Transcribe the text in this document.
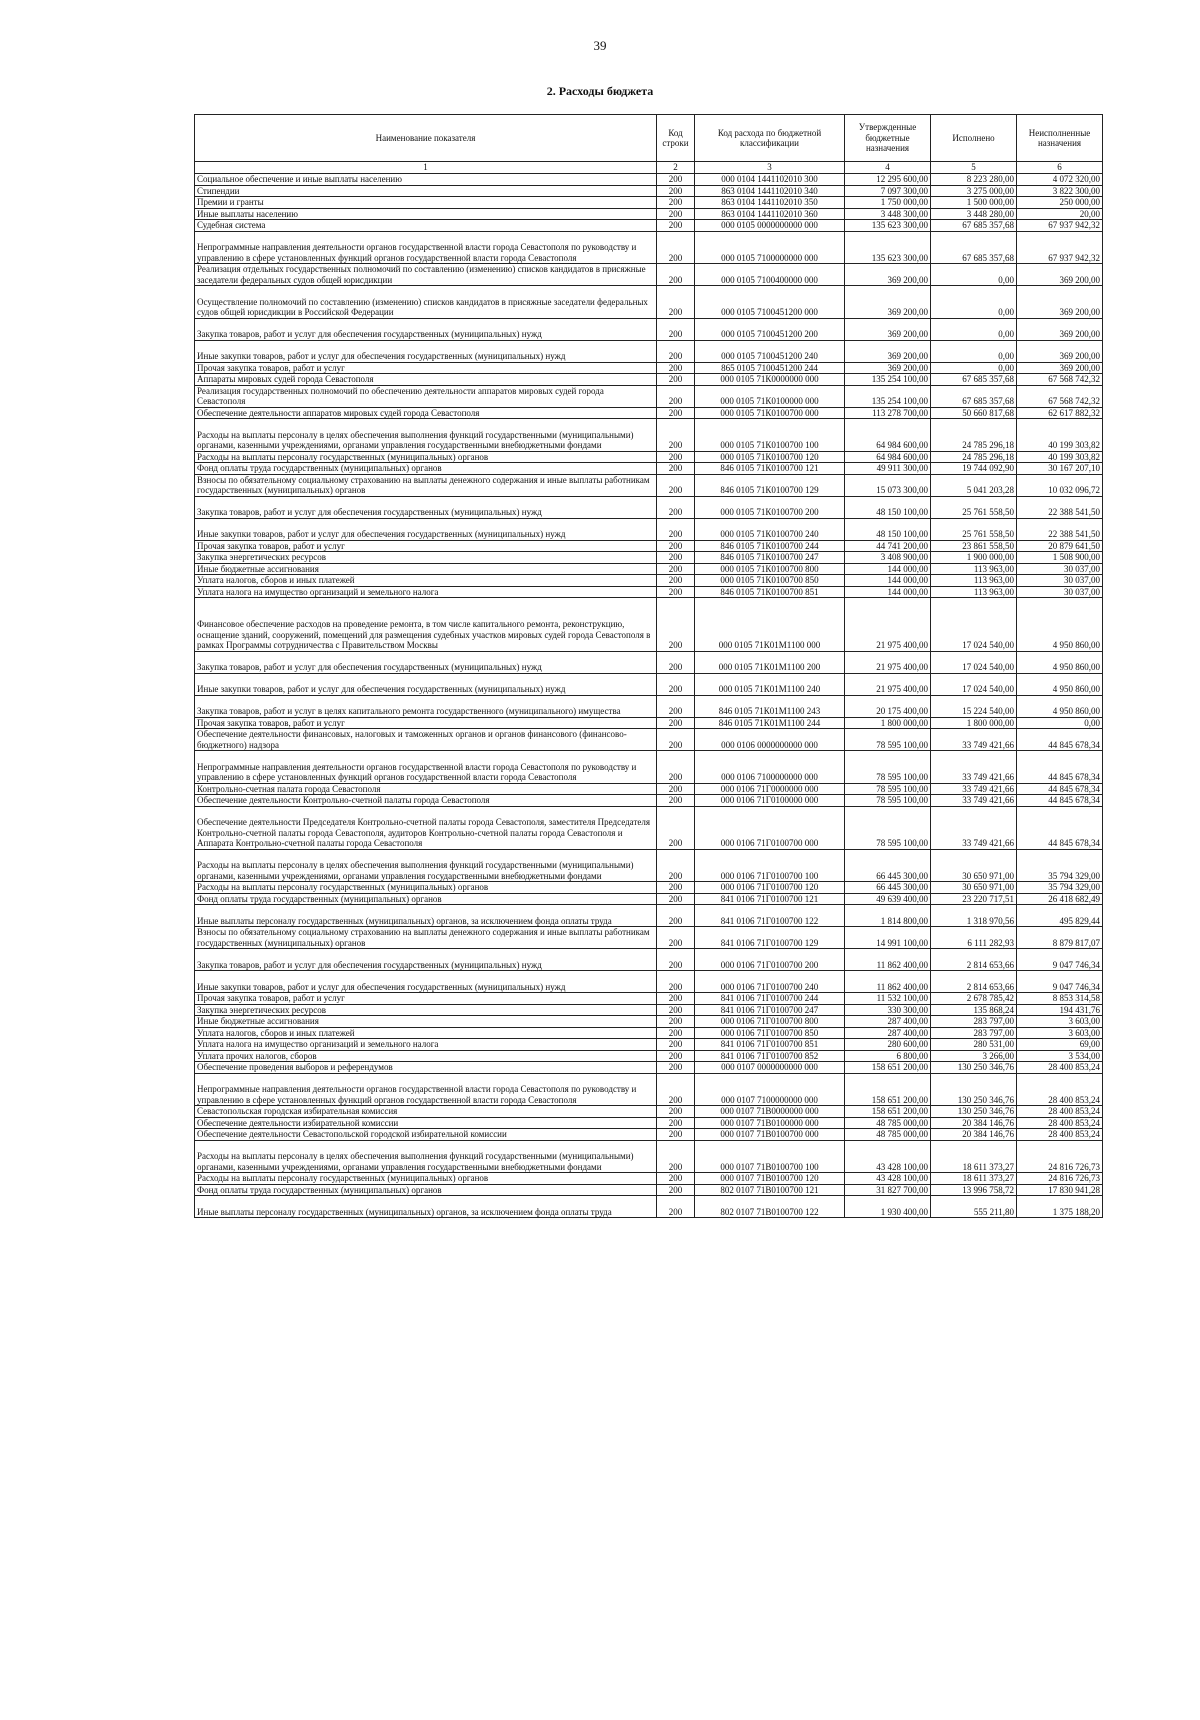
39
2. Расходы бюджета
Наименование показателя	Код строки	Код расхода по бюджетной классификации	Утвержденные бюджетные назначения	Исполнено	Неисполненные назначения
1	2	3	4	5	6
Социальное обеспечение и иные выплаты населению	200	000 0104 1441102010 300	12 295 600,00	8 223 280,00	4 072 320,00
Стипендии	200	863 0104 1441102010 340	7 097 300,00	3 275 000,00	3 822 300,00
Премии и гранты	200	863 0104 1441102010 350	1 750 000,00	1 500 000,00	250 000,00
Иные выплаты населению	200	863 0104 1441102010 360	3 448 300,00	3 448 280,00	20,00
Судебная система	200	000 0105 0000000000 000	135 623 300,00	67 685 357,68	67 937 942,32
Непрограммные направления деятельности органов государственной власти города Севастополя по руководству и управлению в сфере установленных функций органов государственной власти города Севастополя	200	000 0105 7100000000 000	135 623 300,00	67 685 357,68	67 937 942,32
Реализация отдельных государственных полномочий по составлению (изменению) списков кандидатов в присяжные заседатели федеральных судов общей юрисдикции	200	000 0105 7100400000 000	369 200,00	0,00	369 200,00
Осуществление полномочий по составлению (изменению) списков кандидатов в присяжные заседатели федеральных судов общей юрисдикции в Российской Федерации	200	000 0105 7100451200 000	369 200,00	0,00	369 200,00
Закупка товаров, работ и услуг для обеспечения государственных (муниципальных) нужд	200	000 0105 7100451200 200	369 200,00	0,00	369 200,00
Иные закупки товаров, работ и услуг для обеспечения государственных (муниципальных) нужд	200	000 0105 7100451200 240	369 200,00	0,00	369 200,00
Прочая закупка товаров, работ и услуг	200	865 0105 7100451200 244	369 200,00	0,00	369 200,00
Аппараты мировых судей города Севастополя	200	000 0105 71К0000000 000	135 254 100,00	67 685 357,68	67 568 742,32
Реализация государственных полномочий по обеспечению деятельности аппаратов мировых судей города Севастополя	200	000 0105 71К0100000 000	135 254 100,00	67 685 357,68	67 568 742,32
Обеспечение деятельности аппаратов мировых судей города Севастополя	200	000 0105 71К0100700 000	113 278 700,00	50 660 817,68	62 617 882,32
Расходы на выплаты персоналу в целях обеспечения выполнения функций государственными (муниципальными) органами, казенными учреждениями, органами управления государственными внебюджетными фондами	200	000 0105 71К0100700 100	64 984 600,00	24 785 296,18	40 199 303,82
Расходы на выплаты персоналу государственных (муниципальных) органов	200	000 0105 71К0100700 120	64 984 600,00	24 785 296,18	40 199 303,82
Фонд оплаты труда государственных (муниципальных) органов	200	846 0105 71К0100700 121	49 911 300,00	19 744 092,90	30 167 207,10
Взносы по обязательному социальному страхованию на выплаты денежного содержания и иные выплаты работникам государственных (муниципальных) органов	200	846 0105 71К0100700 129	15 073 300,00	5 041 203,28	10 032 096,72
Закупка товаров, работ и услуг для обеспечения государственных (муниципальных) нужд	200	000 0105 71К0100700 200	48 150 100,00	25 761 558,50	22 388 541,50
Иные закупки товаров, работ и услуг для обеспечения государственных (муниципальных) нужд	200	000 0105 71К0100700 240	48 150 100,00	25 761 558,50	22 388 541,50
Прочая закупка товаров, работ и услуг	200	846 0105 71К0100700 244	44 741 200,00	23 861 558,50	20 879 641,50
Закупка энергетических ресурсов	200	846 0105 71К0100700 247	3 408 900,00	1 900 000,00	1 508 900,00
Иные бюджетные ассигнования	200	000 0105 71К0100700 800	144 000,00	113 963,00	30 037,00
Уплата налогов, сборов и иных платежей	200	000 0105 71К0100700 850	144 000,00	113 963,00	30 037,00
Уплата налога на имущество организаций и земельного налога	200	846 0105 71К0100700 851	144 000,00	113 963,00	30 037,00
Финансовое обеспечение расходов на проведение ремонта, в том числе капитального ремонта, реконструкцию, оснащение зданий, сооружений, помещений для размещения судебных участков мировых судей города Севастополя в рамках Программы сотрудничества с Правительством Москвы	200	000 0105 71К01М1100 000	21 975 400,00	17 024 540,00	4 950 860,00
Закупка товаров, работ и услуг для обеспечения государственных (муниципальных) нужд	200	000 0105 71К01М1100 200	21 975 400,00	17 024 540,00	4 950 860,00
Иные закупки товаров, работ и услуг для обеспечения государственных (муниципальных) нужд	200	000 0105 71К01М1100 240	21 975 400,00	17 024 540,00	4 950 860,00
Закупка товаров, работ и услуг в целях капитального ремонта государственного (муниципального) имущества	200	846 0105 71К01М1100 243	20 175 400,00	15 224 540,00	4 950 860,00
Прочая закупка товаров, работ и услуг	200	846 0105 71К01М1100 244	1 800 000,00	1 800 000,00	0,00
Обеспечение деятельности финансовых, налоговых и таможенных органов и органов финансового (финансово-бюджетного) надзора	200	000 0106 0000000000 000	78 595 100,00	33 749 421,66	44 845 678,34
Непрограммные направления деятельности органов государственной власти города Севастополя по руководству и управлению в сфере установленных функций органов государственной власти города Севастополя	200	000 0106 7100000000 000	78 595 100,00	33 749 421,66	44 845 678,34
Контрольно-счетная палата города Севастополя	200	000 0106 71Г0000000 000	78 595 100,00	33 749 421,66	44 845 678,34
Обеспечение деятельности Контрольно-счетной палаты города Севастополя	200	000 0106 71Г0100000 000	78 595 100,00	33 749 421,66	44 845 678,34
Обеспечение деятельности Председателя Контрольно-счетной палаты города Севастополя, заместителя Председателя Контрольно-счетной палаты города Севастополя, аудиторов Контрольно-счетной палаты города Севастополя и Аппарата Контрольно-счетной палаты города Севастополя	200	000 0106 71Г0100700 000	78 595 100,00	33 749 421,66	44 845 678,34
Расходы на выплаты персоналу в целях обеспечения выполнения функций государственными (муниципальными) органами, казенными учреждениями, органами управления государственными внебюджетными фондами	200	000 0106 71Г0100700 100	66 445 300,00	30 650 971,00	35 794 329,00
Расходы на выплаты персоналу государственных (муниципальных) органов	200	000 0106 71Г0100700 120	66 445 300,00	30 650 971,00	35 794 329,00
Фонд оплаты труда государственных (муниципальных) органов	200	841 0106 71Г0100700 121	49 639 400,00	23 220 717,51	26 418 682,49
Иные выплаты персоналу государственных (муниципальных) органов, за исключением фонда оплаты труда	200	841 0106 71Г0100700 122	1 814 800,00	1 318 970,56	495 829,44
Взносы по обязательному социальному страхованию на выплаты денежного содержания и иные выплаты работникам государственных (муниципальных) органов	200	841 0106 71Г0100700 129	14 991 100,00	6 111 282,93	8 879 817,07
Закупка товаров, работ и услуг для обеспечения государственных (муниципальных) нужд	200	000 0106 71Г0100700 200	11 862 400,00	2 814 653,66	9 047 746,34
Иные закупки товаров, работ и услуг для обеспечения государственных (муниципальных) нужд	200	000 0106 71Г0100700 240	11 862 400,00	2 814 653,66	9 047 746,34
Прочая закупка товаров, работ и услуг	200	841 0106 71Г0100700 244	11 532 100,00	2 678 785,42	8 853 314,58
Закупка энергетических ресурсов	200	841 0106 71Г0100700 247	330 300,00	135 868,24	194 431,76
Иные бюджетные ассигнования	200	000 0106 71Г0100700 800	287 400,00	283 797,00	3 603,00
Уплата налогов, сборов и иных платежей	200	000 0106 71Г0100700 850	287 400,00	283 797,00	3 603,00
Уплата налога на имущество организаций и земельного налога	200	841 0106 71Г0100700 851	280 600,00	280 531,00	69,00
Уплата прочих налогов, сборов	200	841 0106 71Г0100700 852	6 800,00	3 266,00	3 534,00
Обеспечение проведения выборов и референдумов	200	000 0107 0000000000 000	158 651 200,00	130 250 346,76	28 400 853,24
Непрограммные направления деятельности органов государственной власти города Севастополя по руководству и управлению в сфере установленных функций органов государственной власти города Севастополя	200	000 0107 7100000000 000	158 651 200,00	130 250 346,76	28 400 853,24
Севастопольская городская избирательная комиссия	200	000 0107 71В0000000 000	158 651 200,00	130 250 346,76	28 400 853,24
Обеспечение деятельности избирательной комиссии	200	000 0107 71В0100000 000	48 785 000,00	20 384 146,76	28 400 853,24
Обеспечение деятельности Севастопольской городской избирательной комиссии	200	000 0107 71В0100700 000	48 785 000,00	20 384 146,76	28 400 853,24
Расходы на выплаты персоналу в целях обеспечения выполнения функций государственными (муниципальными) органами, казенными учреждениями, органами управления государственными внебюджетными фондами	200	000 0107 71В0100700 100	43 428 100,00	18 611 373,27	24 816 726,73
Расходы на выплаты персоналу государственных (муниципальных) органов	200	000 0107 71В0100700 120	43 428 100,00	18 611 373,27	24 816 726,73
Фонд оплаты труда государственных (муниципальных) органов	200	802 0107 71В0100700 121	31 827 700,00	13 996 758,72	17 830 941,28
Иные выплаты персоналу государственных (муниципальных) органов, за исключением фонда оплаты труда	200	802 0107 71В0100700 122	1 930 400,00	555 211,80	1 375 188,20
